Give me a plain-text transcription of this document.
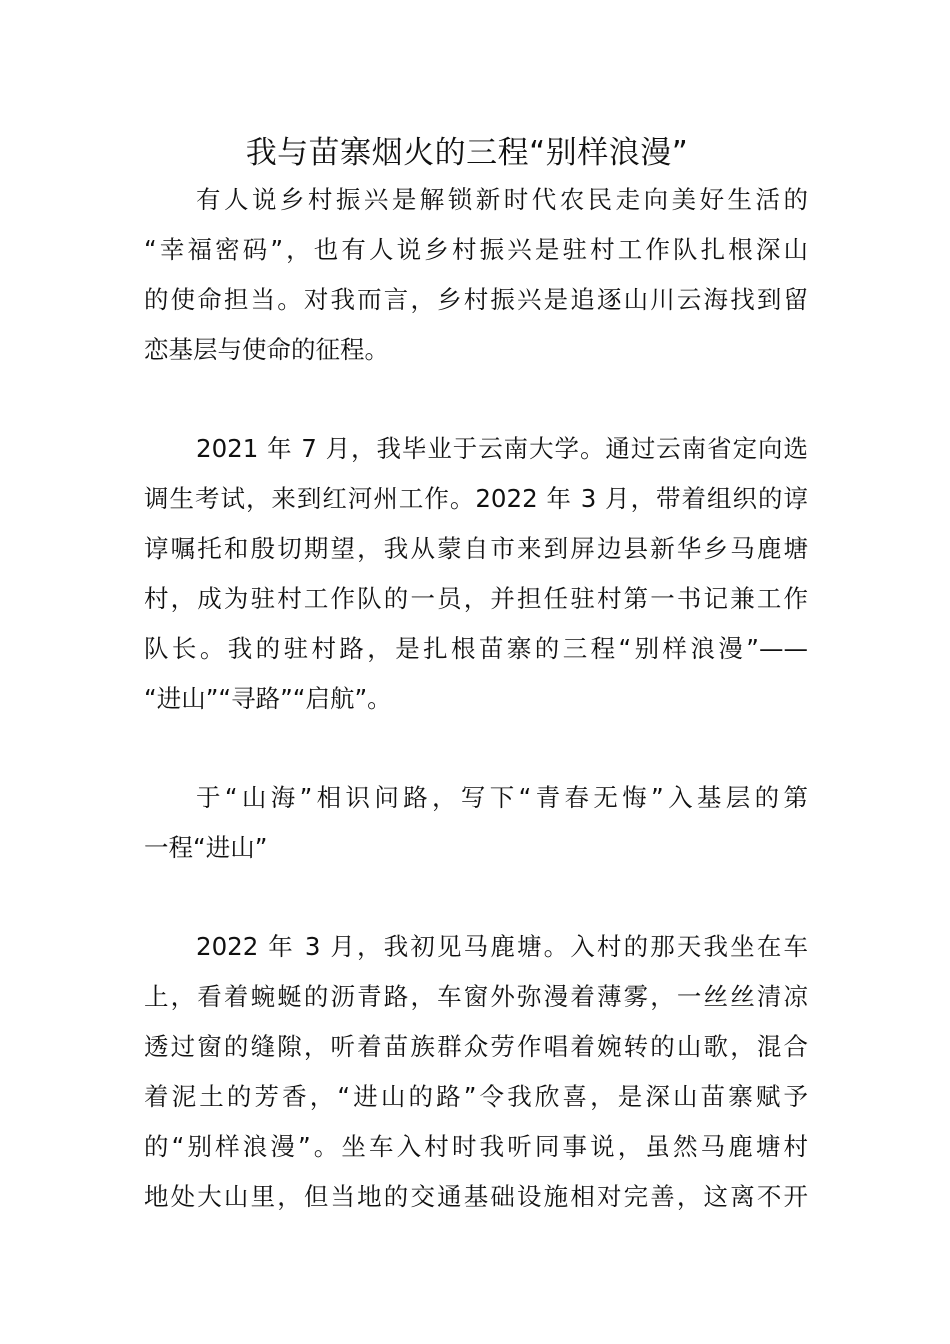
我与苗寨烟火的三程“别样浪漫”
有人说乡村振兴是解锁新时代农民走向美好生活的
“幸福密码”，也有人说乡村振兴是驻村工作队扎根深山
的使命担当。对我而言，乡村振兴是追逐山川云海找到留
恋基层与使命的征程。
2021 年 7 月，我毕业于云南大学。通过云南省定向选
调生考试，来到红河州工作。2022 年 3 月，带着组织的谆
谆嘱托和殷切期望，我从蒙自市来到屏边县新华乡马鹿塘
村，成为驻村工作队的一员，并担任驻村第一书记兼工作
队长。我的驻村路，是扎根苗寨的三程“别样浪漫”——
“进山”“寻路”“启航”。
于“山海”相识问路，写下“青春无悔”入基层的第
一程“进山”
2022 年 3 月，我初见马鹿塘。入村的那天我坐在车
上，看着蜿蜒的沥青路，车窗外弥漫着薄雾，一丝丝清凉
透过窗的缝隙，听着苗族群众劳作唱着婉转的山歌，混合
着泥土的芳香，“进山的路”令我欣喜，是深山苗寨赋予
的“别样浪漫”。坐车入村时我听同事说，虽然马鹿塘村
地处大山里，但当地的交通基础设施相对完善，这离不开
